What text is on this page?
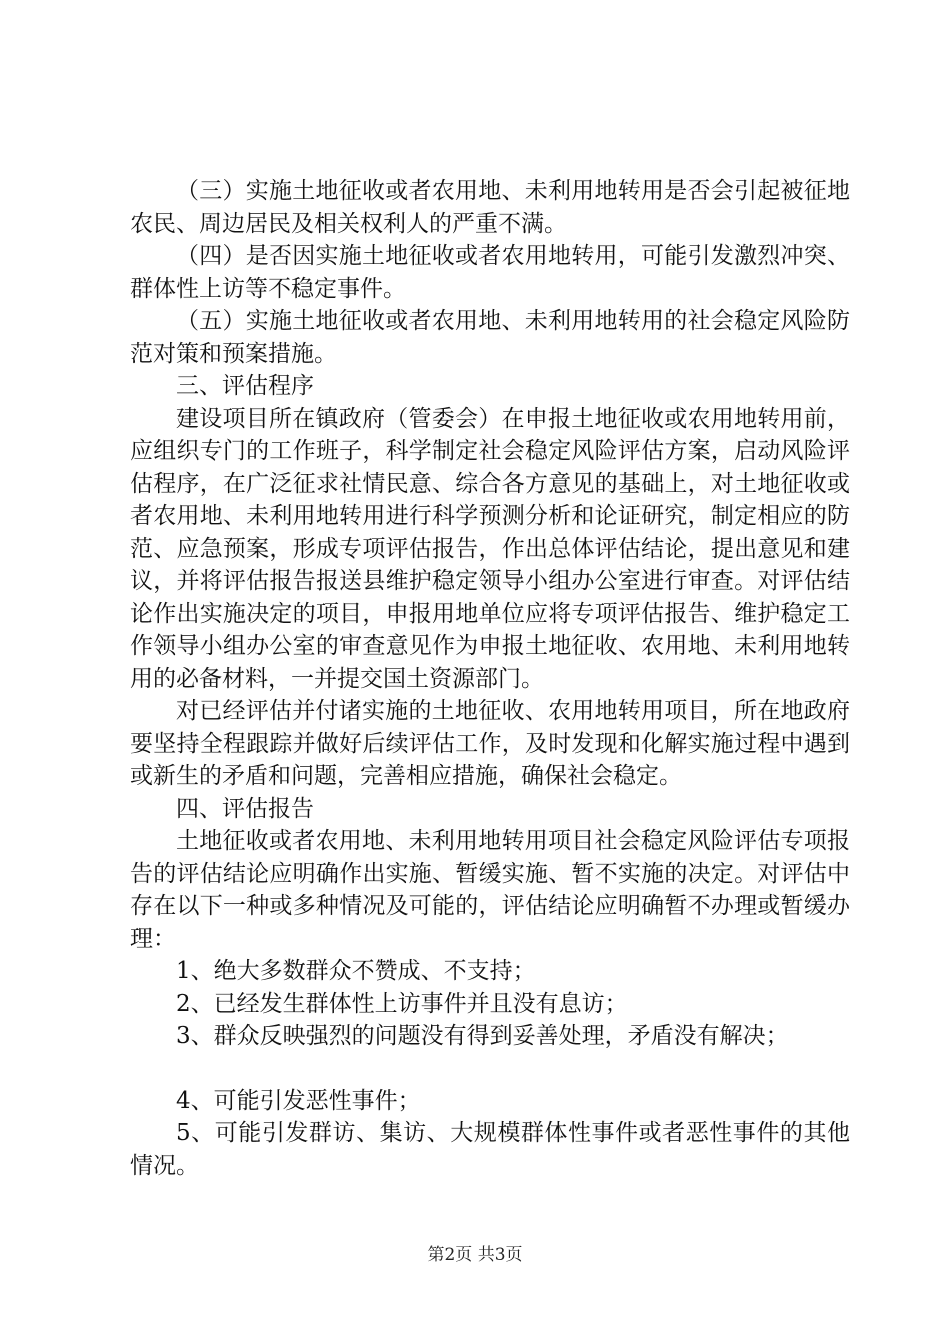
（三）实施土地征收或者农用地、未利用地转用是否会引起被征地农民、周边居民及相关权利人的严重不满。

（四）是否因实施土地征收或者农用地转用，可能引发激烈冲突、群体性上访等不稳定事件。

（五）实施土地征收或者农用地、未利用地转用的社会稳定风险防范对策和预案措施。

三、评估程序

建设项目所在镇政府（管委会）在申报土地征收或农用地转用前，应组织专门的工作班子，科学制定社会稳定风险评估方案，启动风险评估程序，在广泛征求社情民意、综合各方意见的基础上，对土地征收或者农用地、未利用地转用进行科学预测分析和论证研究，制定相应的防范、应急预案，形成专项评估报告，作出总体评估结论，提出意见和建议，并将评估报告报送县维护稳定领导小组办公室进行审查。对评估结论作出实施决定的项目，申报用地单位应将专项评估报告、维护稳定工作领导小组办公室的审查意见作为申报土地征收、农用地、未利用地转用的必备材料，一并提交国土资源部门。

对已经评估并付诸实施的土地征收、农用地转用项目，所在地政府要坚持全程跟踪并做好后续评估工作，及时发现和化解实施过程中遇到或新生的矛盾和问题，完善相应措施，确保社会稳定。

四、评估报告

土地征收或者农用地、未利用地转用项目社会稳定风险评估专项报告的评估结论应明确作出实施、暂缓实施、暂不实施的决定。对评估中存在以下一种或多种情况及可能的，评估结论应明确暂不办理或暂缓办理：

1、绝大多数群众不赞成、不支持；

2、已经发生群体性上访事件并且没有息访；

3、群众反映强烈的问题没有得到妥善处理，矛盾没有解决；

4、可能引发恶性事件；

5、可能引发群访、集访、大规模群体性事件或者恶性事件的其他情况。

第2页 共3页
